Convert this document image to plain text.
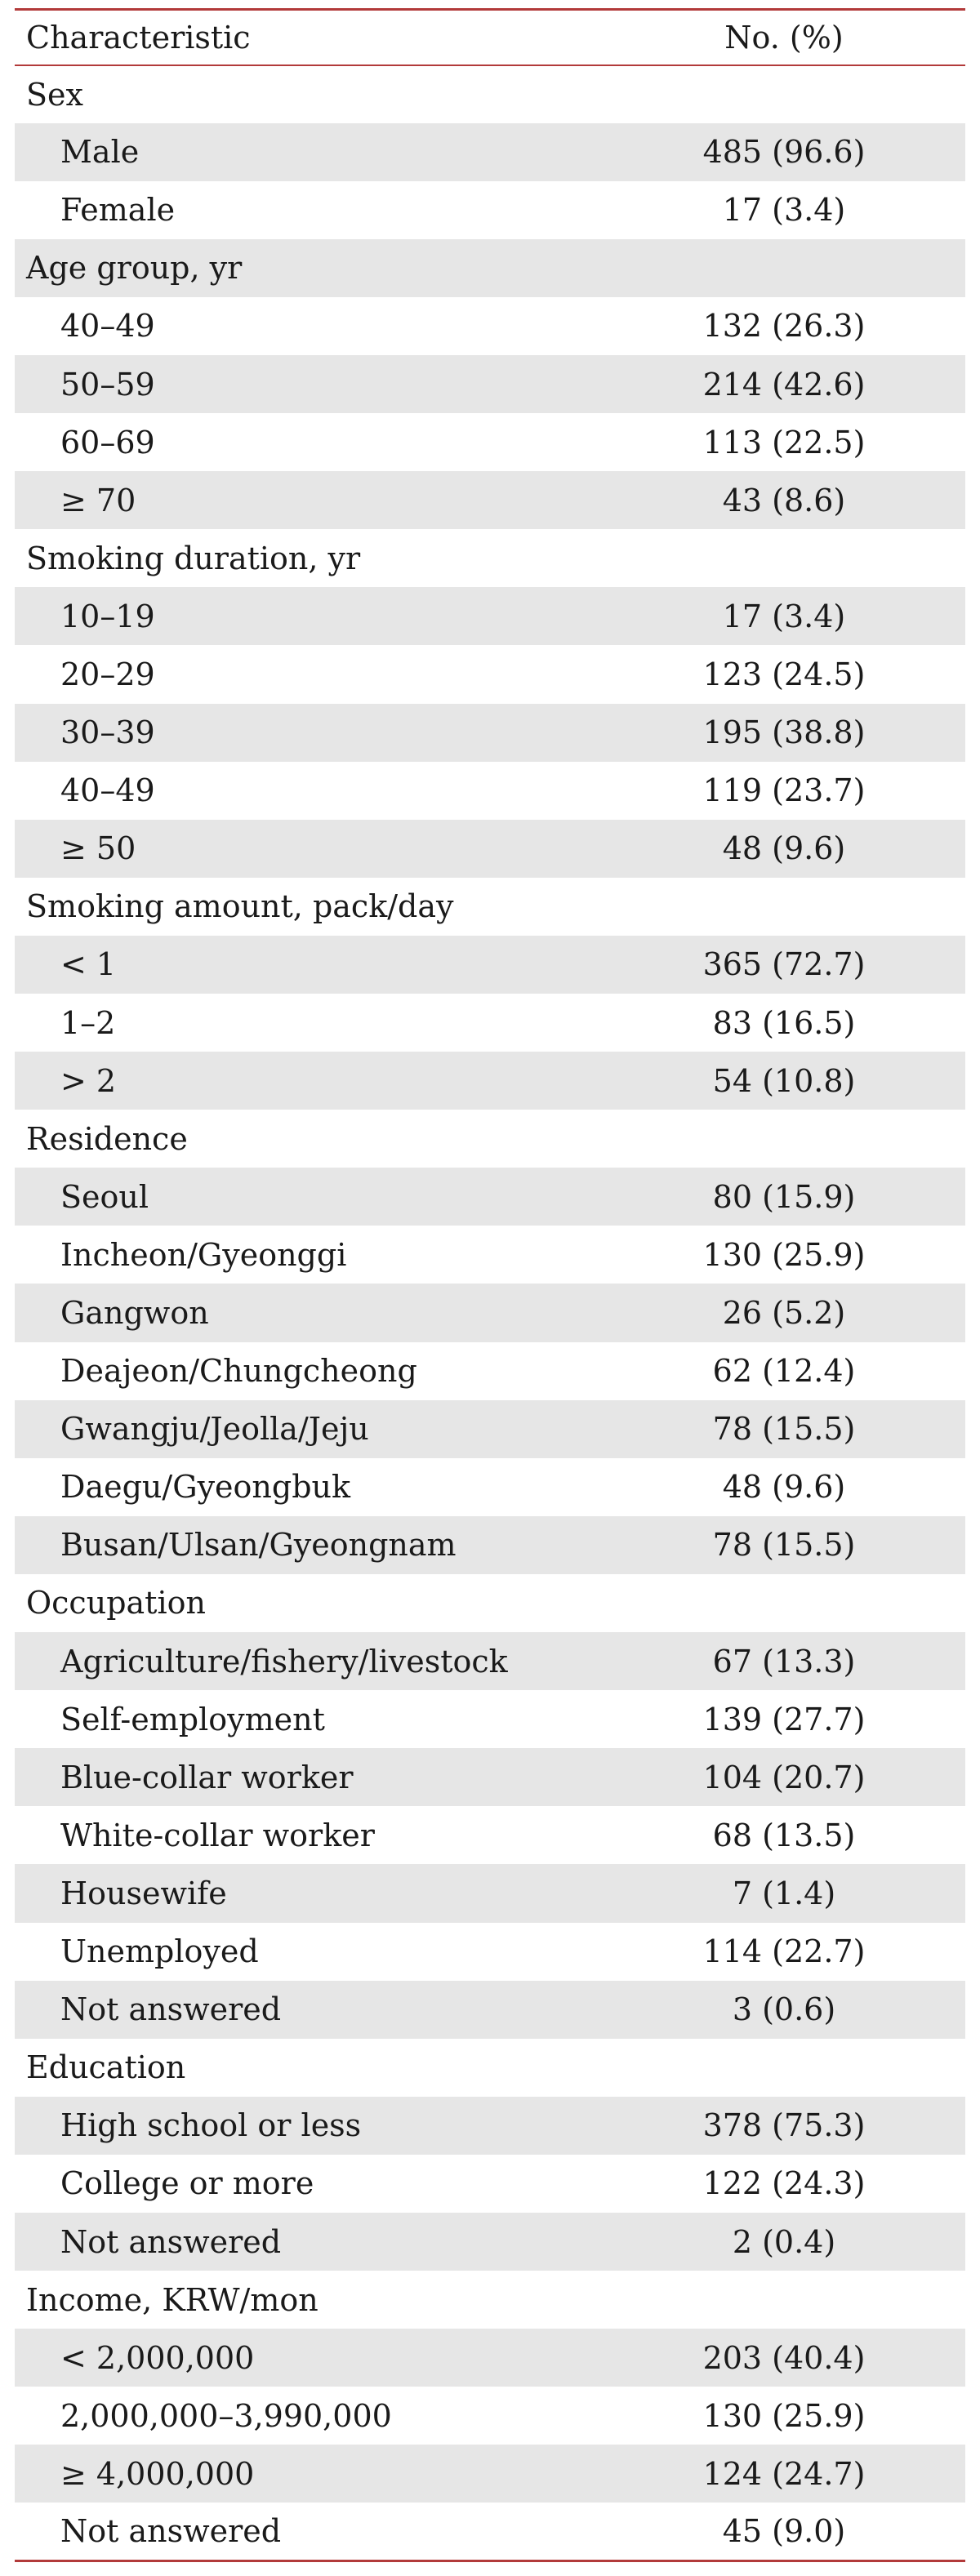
Characteristic	No. (%)
Sex	
Male	485 (96.6)
Female	17 (3.4)
Age group, yr	
40–49	132 (26.3)
50–59	214 (42.6)
60–69	113 (22.5)
≥ 70	43 (8.6)
Smoking duration, yr	
10–19	17 (3.4)
20–29	123 (24.5)
30–39	195 (38.8)
40–49	119 (23.7)
≥ 50	48 (9.6)
Smoking amount, pack/day	
< 1	365 (72.7)
1–2	83 (16.5)
> 2	54 (10.8)
Residence	
Seoul	80 (15.9)
Incheon/Gyeonggi	130 (25.9)
Gangwon	26 (5.2)
Deajeon/Chungcheong	62 (12.4)
Gwangju/Jeolla/Jeju	78 (15.5)
Daegu/Gyeongbuk	48 (9.6)
Busan/Ulsan/Gyeongnam	78 (15.5)
Occupation	
Agriculture/fishery/livestock	67 (13.3)
Self-employment	139 (27.7)
Blue-collar worker	104 (20.7)
White-collar worker	68 (13.5)
Housewife	7 (1.4)
Unemployed	114 (22.7)
Not answered	3 (0.6)
Education	
High school or less	378 (75.3)
College or more	122 (24.3)
Not answered	2 (0.4)
Income, KRW/mon	
< 2,000,000	203 (40.4)
2,000,000–3,990,000	130 (25.9)
≥ 4,000,000	124 (24.7)
Not answered	45 (9.0)
